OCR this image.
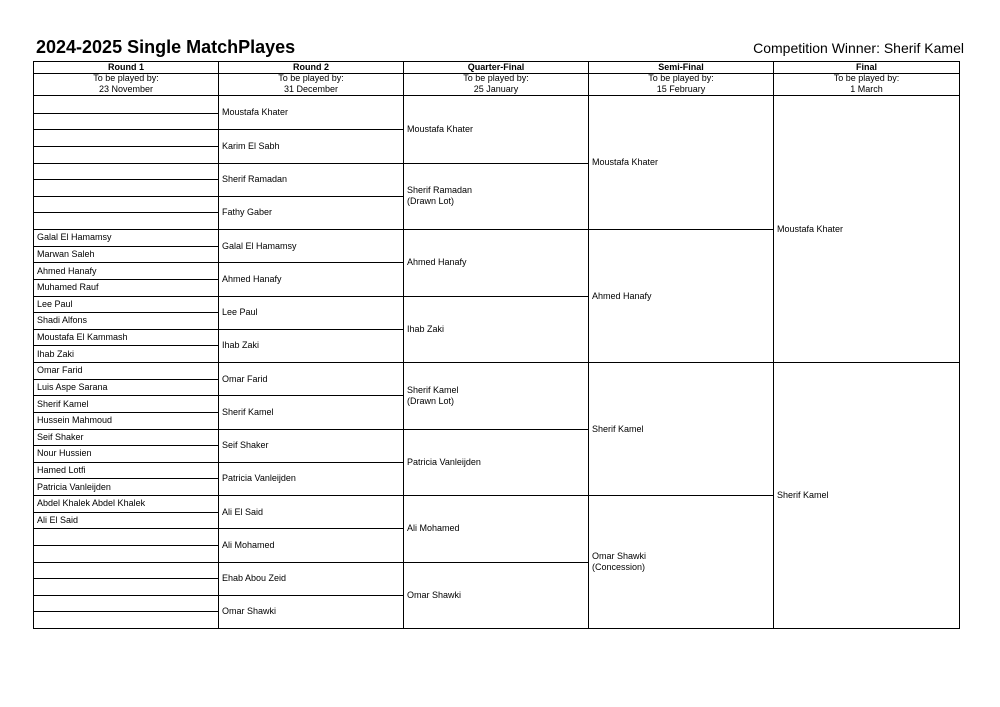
2024-2025 Single MatchPlayes	Competition Winner: Sherif Kamel
Round 1
To be played by:
23 November
Galal El Hamamsy
Marwan Saleh
Ahmed Hanafy
Muhamed Rauf
Lee Paul
Shadi Alfons
Moustafa El Kammash
Ihab Zaki
Omar Farid
Luis Aspe Sarana
Sherif Kamel
Hussein Mahmoud
Seif Shaker
Nour Hussien
Hamed Lotfi
Patricia Vanleijden
Abdel Khalek Abdel Khalek
Ali El Said
Round 2
To be played by:
31 December
Moustafa Khater
Karim El Sabh
Sherif Ramadan
Fathy Gaber
Galal El Hamamsy
Ahmed Hanafy
Lee Paul
Ihab Zaki
Omar Farid
Sherif Kamel
Seif Shaker
Patricia Vanleijden
Ali El Said
Ali Mohamed
Ehab Abou Zeid
Omar Shawki
Quarter-Final
To be played by:
25 January
Moustafa Khater
Sherif Ramadan
(Drawn Lot)
Ahmed Hanafy
Ihab Zaki
Sherif Kamel
(Drawn Lot)
Patricia Vanleijden
Ali Mohamed
Omar Shawki
Semi-Final
To be played by:
15 February
Moustafa Khater
Ahmed Hanafy
Sherif Kamel
Omar Shawki
(Concession)
Final
To be played by:
1 March
Moustafa Khater
Sherif Kamel
